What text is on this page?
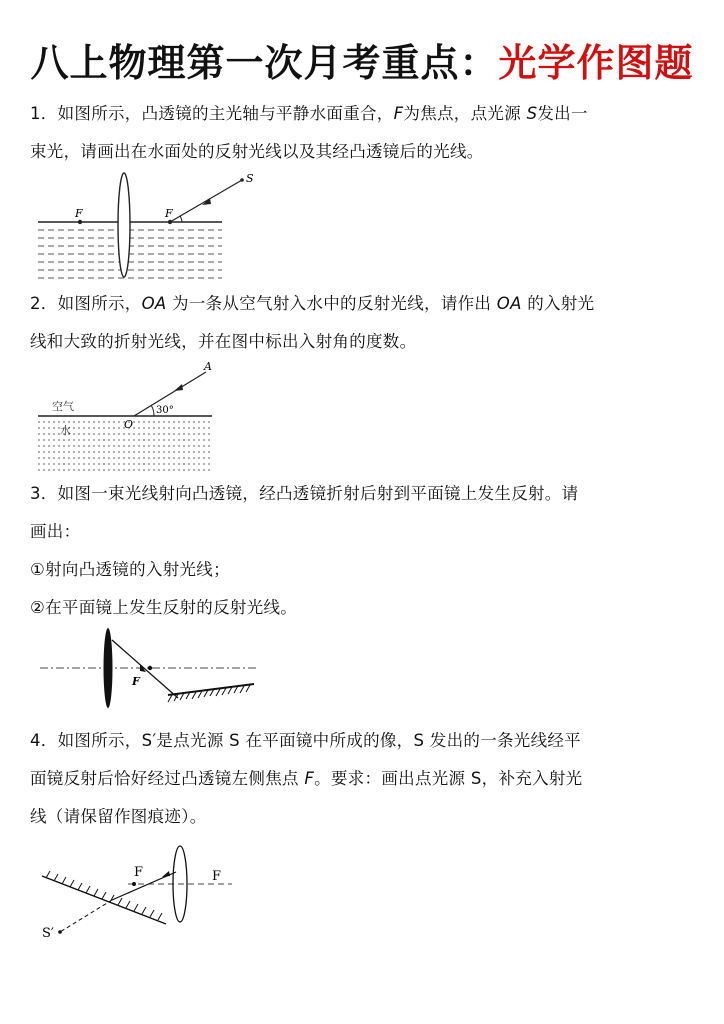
八上物理第一次月考重点：光学作图题

1．如图所示，凸透镜的主光轴与平静水面重合，F为焦点，点光源 S发出一

束光，请画出在水面处的反射光线以及其经凸透镜后的光线。

F	F
S

2．如图所示，OA 为一条从空气射入水中的反射光线，请作出 OA 的入射光

线和大致的折射光线，并在图中标出入射角的度数。

A
O
30°
空气
水

3．如图一束光线射向凸透镜，经凸透镜折射后射到平面镜上发生反射。请

画出：

①射向凸透镜的入射光线；

②在平面镜上发生反射的反射光线。

F

4．如图所示，S′是点光源 S 在平面镜中所成的像，S 发出的一条光线经平

面镜反射后恰好经过凸透镜左侧焦点 F。要求：画出点光源 S，补充入射光

线（请保留作图痕迹）。

F	F
S′
